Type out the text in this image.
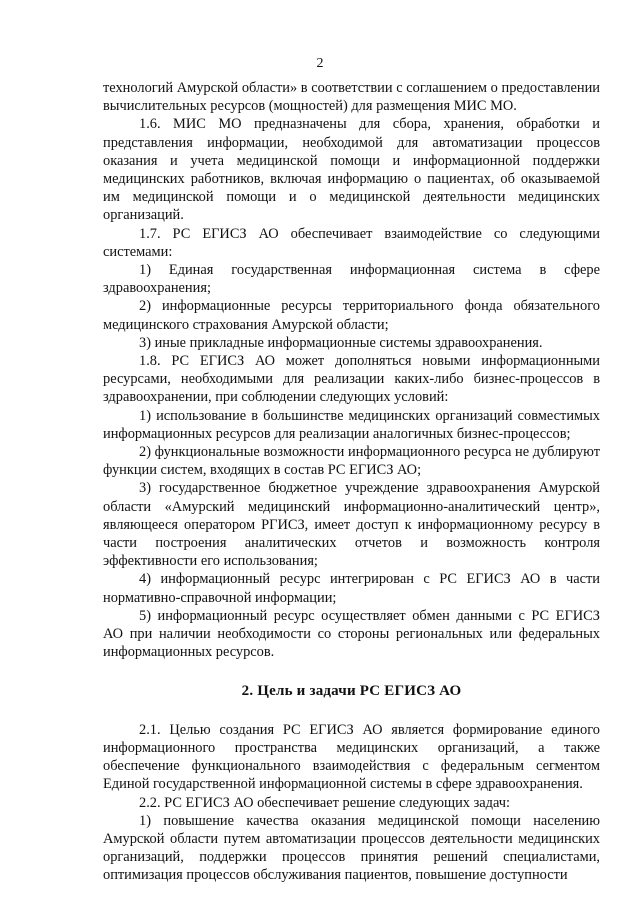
2

технологий Амурской области» в соответствии с соглашением о предоставлении вычислительных ресурсов (мощностей) для размещения МИС МО.

1.6. МИС МО предназначены для сбора, хранения, обработки и представления информации, необходимой для автоматизации процессов оказания и учета медицинской помощи и информационной поддержки медицинских работников, включая информацию о пациентах, об оказываемой им медицинской помощи и о медицинской деятельности медицинских организаций.

1.7. РС ЕГИСЗ АО обеспечивает взаимодействие со следующими системами:

1) Единая государственная информационная система в сфере здравоохранения;

2) информационные ресурсы территориального фонда обязательного медицинского страхования Амурской области;

3) иные прикладные информационные системы здравоохранения.

1.8. РС ЕГИСЗ АО может дополняться новыми информационными ресурсами, необходимыми для реализации каких-либо бизнес-процессов в здравоохранении, при соблюдении следующих условий:

1) использование в большинстве медицинских организаций совместимых информационных ресурсов для реализации аналогичных бизнес-процессов;

2) функциональные возможности информационного ресурса не дублируют функции систем, входящих в состав РС ЕГИСЗ АО;

3) государственное бюджетное учреждение здравоохранения Амурской области «Амурский медицинский информационно-аналитический центр», являющееся оператором РГИСЗ, имеет доступ к информационному ресурсу в части построения аналитических отчетов и возможность контроля эффективности его использования;

4) информационный ресурс интегрирован с РС ЕГИСЗ АО в части нормативно-справочной информации;

5) информационный ресурс осуществляет обмен данными с РС ЕГИСЗ АО при наличии необходимости со стороны региональных или федеральных информационных ресурсов.

2. Цель и задачи РС ЕГИСЗ АО

2.1. Целью создания РС ЕГИСЗ АО является формирование единого информационного пространства медицинских организаций, а также обеспечение функционального взаимодействия с федеральным сегментом Единой государственной информационной системы в сфере здравоохранения.

2.2. РС ЕГИСЗ АО обеспечивает решение следующих задач:

1) повышение качества оказания медицинской помощи населению Амурской области путем автоматизации процессов деятельности медицинских организаций, поддержки процессов принятия решений специалистами, оптимизация процессов обслуживания пациентов, повышение доступности
